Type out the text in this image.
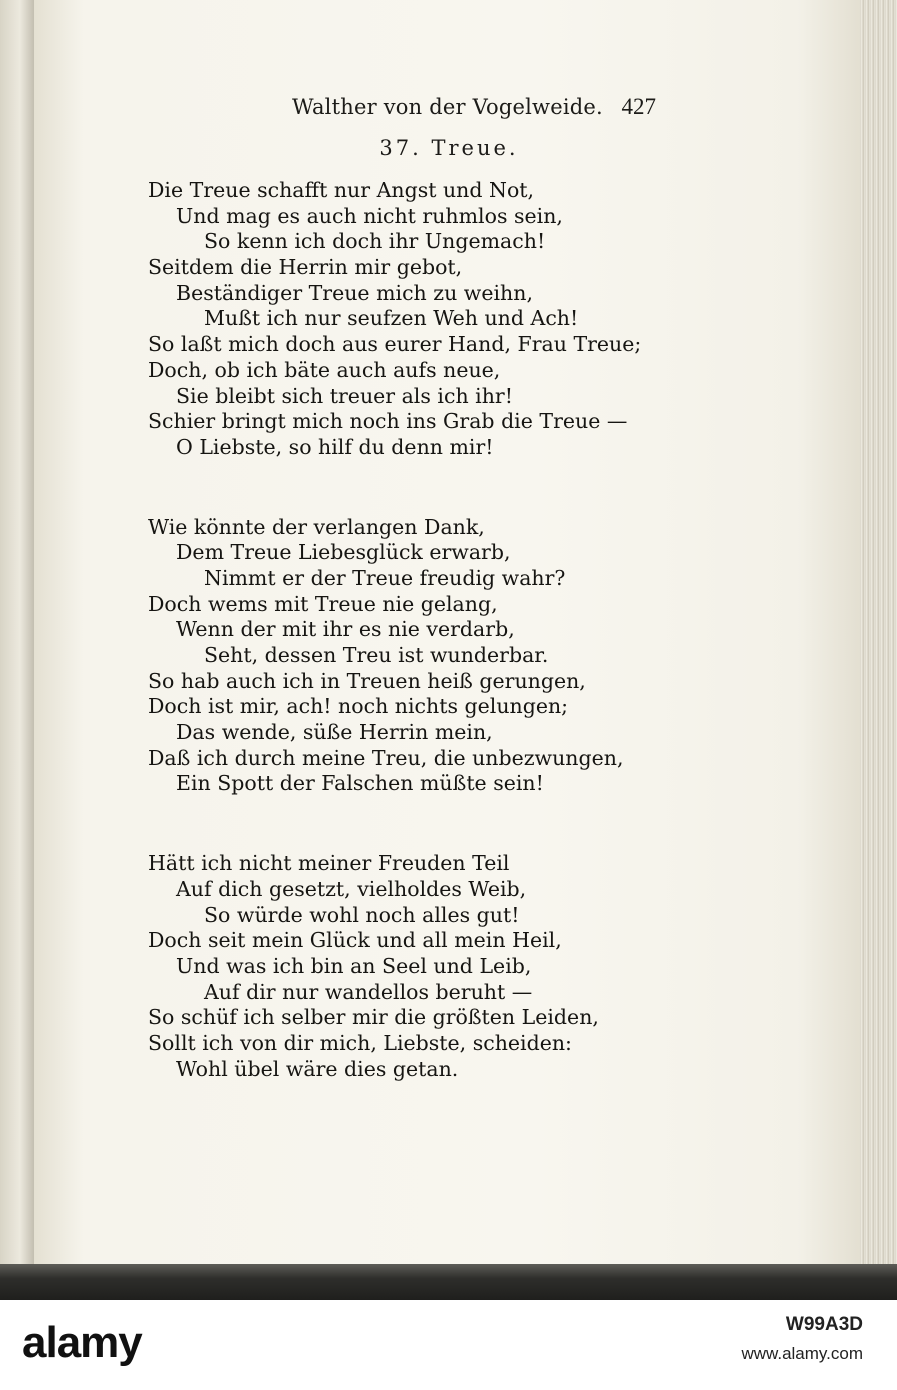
Walther von der Vogelweide. 427
37. Treue.
Die Treue schafft nur Angst und Not,
Und mag es auch nicht ruhmlos sein,
So kenn ich doch ihr Ungemach!
Seitdem die Herrin mir gebot,
Beständiger Treue mich zu weihn,
Mußt ich nur seufzen Weh und Ach!
So laßt mich doch aus eurer Hand, Frau Treue;
Doch, ob ich bäte auch aufs neue,
Sie bleibt sich treuer als ich ihr!
Schier bringt mich noch ins Grab die Treue —
O Liebste, so hilf du denn mir!
Wie könnte der verlangen Dank,
Dem Treue Liebesglück erwarb,
Nimmt er der Treue freudig wahr?
Doch wems mit Treue nie gelang,
Wenn der mit ihr es nie verdarb,
Seht, dessen Treu ist wunderbar.
So hab auch ich in Treuen heiß gerungen,
Doch ist mir, ach! noch nichts gelungen;
Das wende, süße Herrin mein,
Daß ich durch meine Treu, die unbezwungen,
Ein Spott der Falschen müßte sein!
Hätt ich nicht meiner Freuden Teil
Auf dich gesetzt, vielholdes Weib,
So würde wohl noch alles gut!
Doch seit mein Glück und all mein Heil,
Und was ich bin an Seel und Leib,
Auf dir nur wandellos beruht —
So schüf ich selber mir die größten Leiden,
Sollt ich von dir mich, Liebste, scheiden:
Wohl übel wäre dies getan.
alamy	W99A3D
www.alamy.com
